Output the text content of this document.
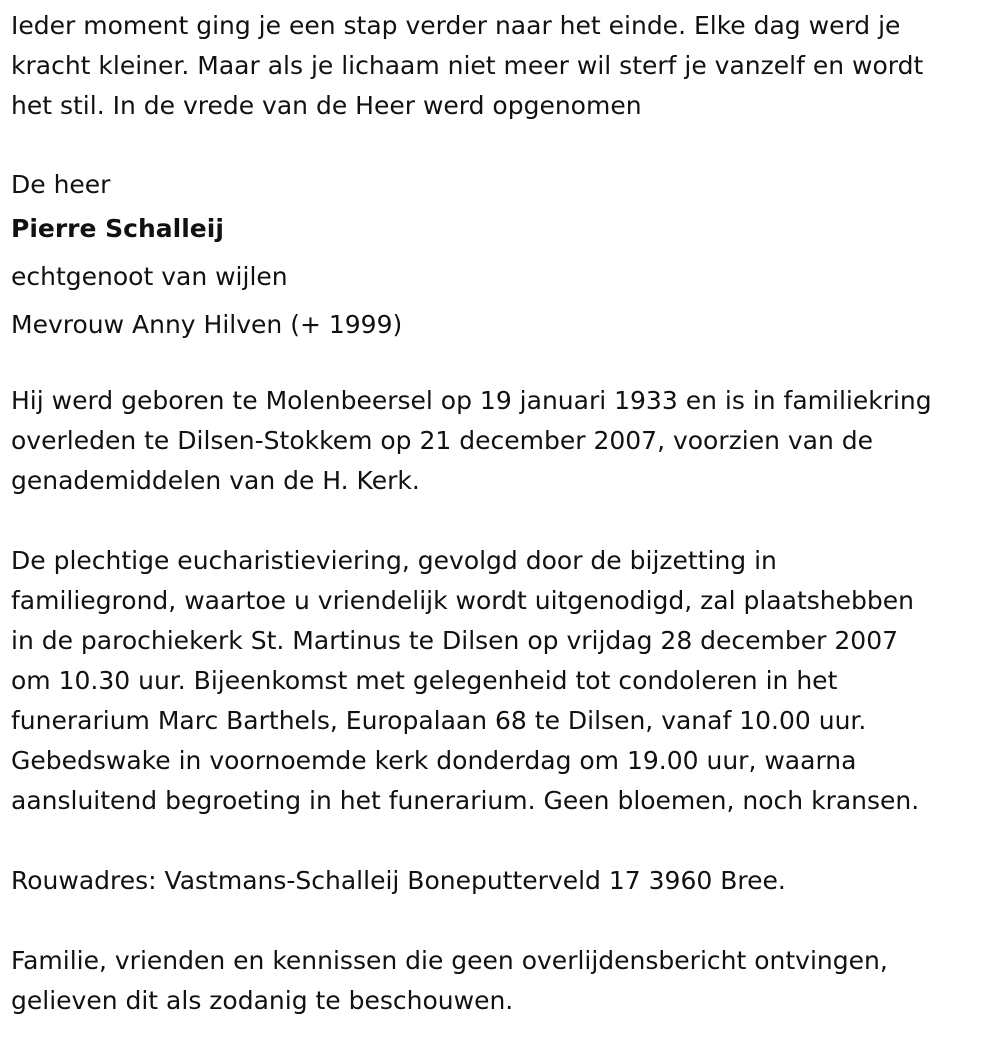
Ieder moment ging je een stap verder naar het einde. Elke dag werd je
kracht kleiner. Maar als je lichaam niet meer wil sterf je vanzelf en wordt
het stil. In de vrede van de Heer werd opgenomen

De heer

Pierre Schalleij

echtgenoot van wijlen

Mevrouw Anny Hilven (+ 1999)

Hij werd geboren te Molenbeersel op 19 januari 1933 en is in familiekring
overleden te Dilsen-Stokkem op 21 december 2007, voorzien van de
genademiddelen van de H. Kerk.

De plechtige eucharistieviering, gevolgd door de bijzetting in
familiegrond, waartoe u vriendelijk wordt uitgenodigd, zal plaatshebben
in de parochiekerk St. Martinus te Dilsen op vrijdag 28 december 2007
om 10.30 uur. Bijeenkomst met gelegenheid tot condoleren in het
funerarium Marc Barthels, Europalaan 68 te Dilsen, vanaf 10.00 uur.
Gebedswake in voornoemde kerk donderdag om 19.00 uur, waarna
aansluitend begroeting in het funerarium. Geen bloemen, noch kransen.

Rouwadres: Vastmans-Schalleij Boneputterveld 17 3960 Bree.

Familie, vrienden en kennissen die geen overlijdensbericht ontvingen,
gelieven dit als zodanig te beschouwen.
